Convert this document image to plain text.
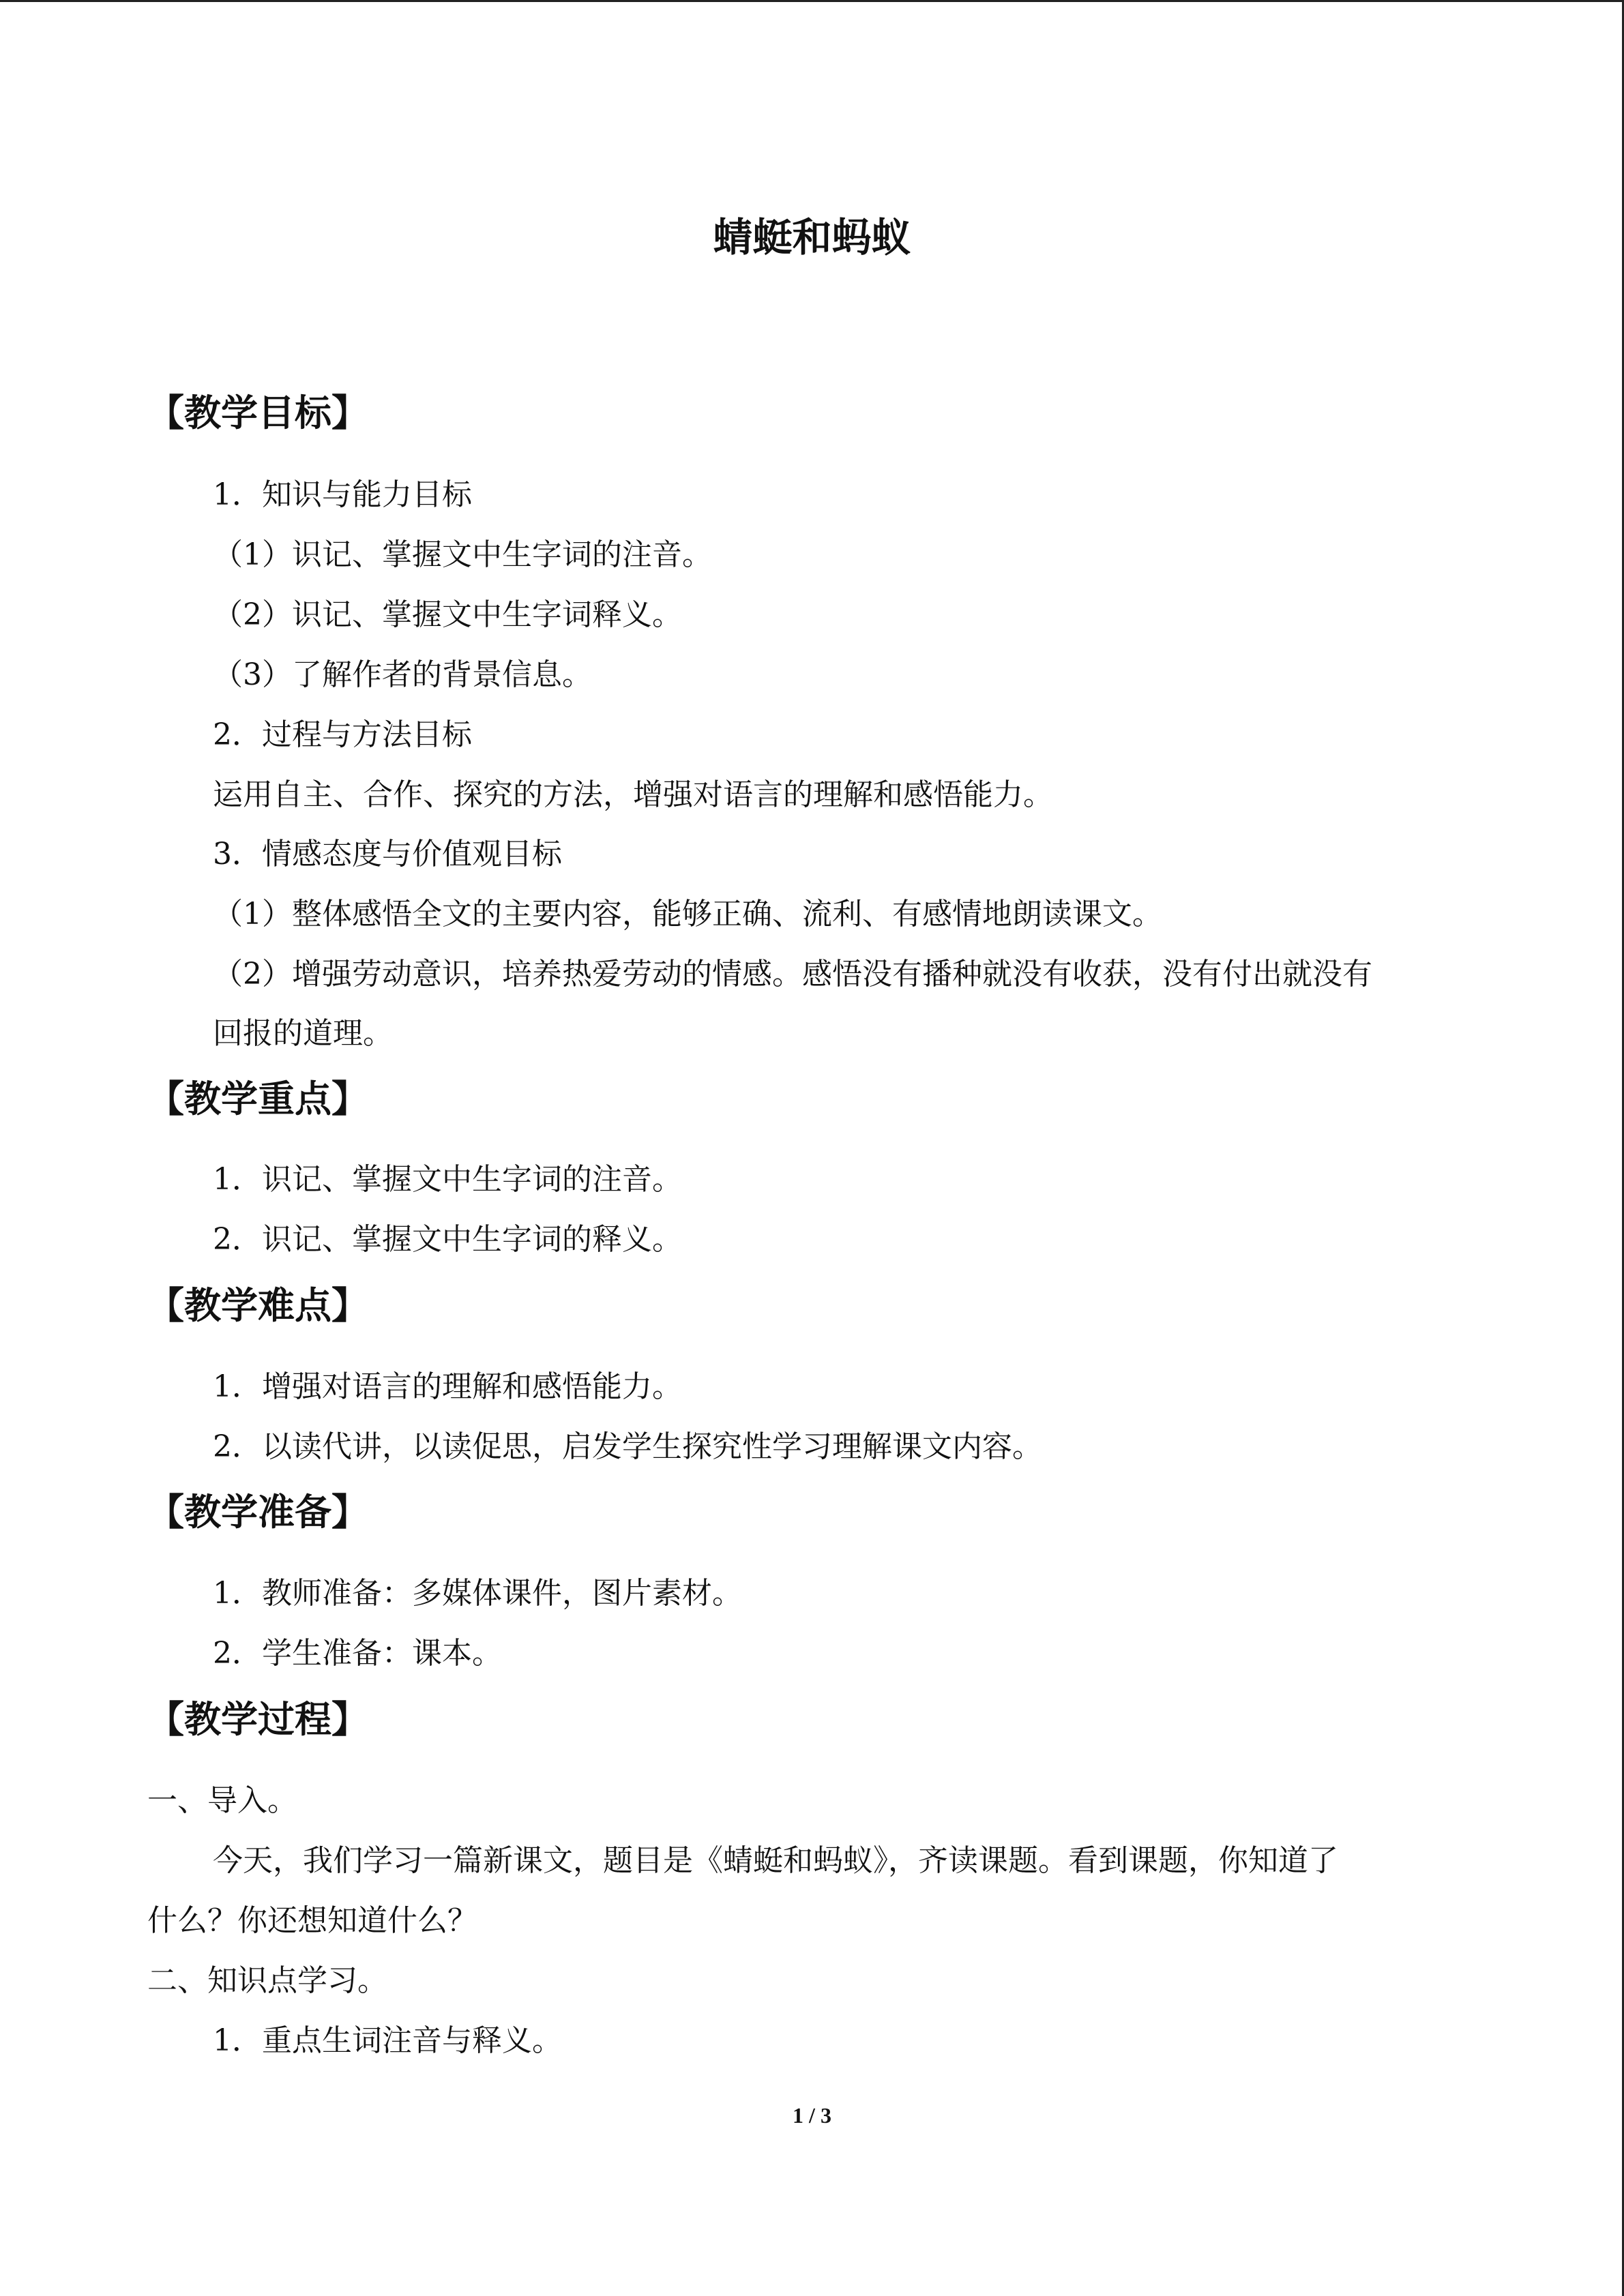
蜻蜓和蚂蚁
【教学目标】

1．知识与能力目标

（1）识记、掌握文中生字词的注音。

（2）识记、掌握文中生字词释义。

（3）了解作者的背景信息。

2．过程与方法目标

运用自主、合作、探究的方法，增强对语言的理解和感悟能力。

3．情感态度与价值观目标

（1）整体感悟全文的主要内容，能够正确、流利、有感情地朗读课文。

（2）增强劳动意识，培养热爱劳动的情感。感悟没有播种就没有收获，没有付出就没有

回报的道理。

【教学重点】

1．识记、掌握文中生字词的注音。

2．识记、掌握文中生字词的释义。

【教学难点】

1．增强对语言的理解和感悟能力。

2．以读代讲，以读促思，启发学生探究性学习理解课文内容。

【教学准备】

1．教师准备：多媒体课件，图片素材。

2．学生准备：课本。

【教学过程】

一、导入。

今天，我们学习一篇新课文，题目是《蜻蜓和蚂蚁》，齐读课题。看到课题，你知道了

什么？你还想知道什么？

二、知识点学习。

1．重点生词注音与释义。

1 / 3
